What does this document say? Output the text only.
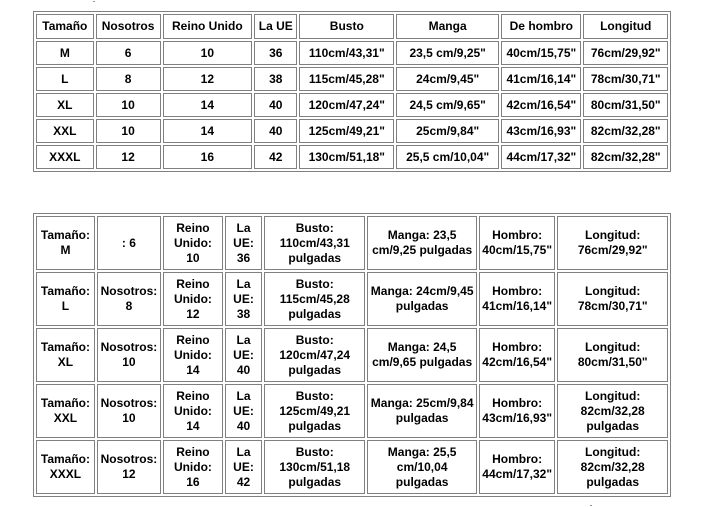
Tamaño	Nosotros	Reino Unido	La UE	Busto	Manga	De hombro	Longitud
M	6	10	36	110cm/43,31"	23,5 cm/9,25"	40cm/15,75"	76cm/29,92"
L	8	12	38	115cm/45,28"	24cm/9,45"	41cm/16,14"	78cm/30,71"
XL	10	14	40	120cm/47,24"	24,5 cm/9,65"	42cm/16,54"	80cm/31,50"
XXL	10	14	40	125cm/49,21"	25cm/9,84"	43cm/16,93"	82cm/32,28"
XXXL	12	16	42	130cm/51,18"	25,5 cm/10,04"	44cm/17,32"	82cm/32,28"
Tamaño: M	: 6	Reino Unido: 10	La UE: 36	Busto: 110cm/43,31 pulgadas	Manga: 23,5 cm/9,25 pulgadas	Hombro: 40cm/15,75"	Longitud: 76cm/29,92"
Tamaño: L	Nosotros: 8	Reino Unido: 12	La UE: 38	Busto: 115cm/45,28 pulgadas	Manga: 24cm/9,45 pulgadas	Hombro: 41cm/16,14"	Longitud: 78cm/30,71"
Tamaño: XL	Nosotros: 10	Reino Unido: 14	La UE: 40	Busto: 120cm/47,24 pulgadas	Manga: 24,5 cm/9,65 pulgadas	Hombro: 42cm/16,54"	Longitud: 80cm/31,50"
Tamaño: XXL	Nosotros: 10	Reino Unido: 14	La UE: 40	Busto: 125cm/49,21 pulgadas	Manga: 25cm/9,84 pulgadas	Hombro: 43cm/16,93"	Longitud: 82cm/32,28 pulgadas
Tamaño: XXXL	Nosotros: 12	Reino Unido: 16	La UE: 42	Busto: 130cm/51,18 pulgadas	Manga: 25,5 cm/10,04 pulgadas	Hombro: 44cm/17,32"	Longitud: 82cm/32,28 pulgadas
